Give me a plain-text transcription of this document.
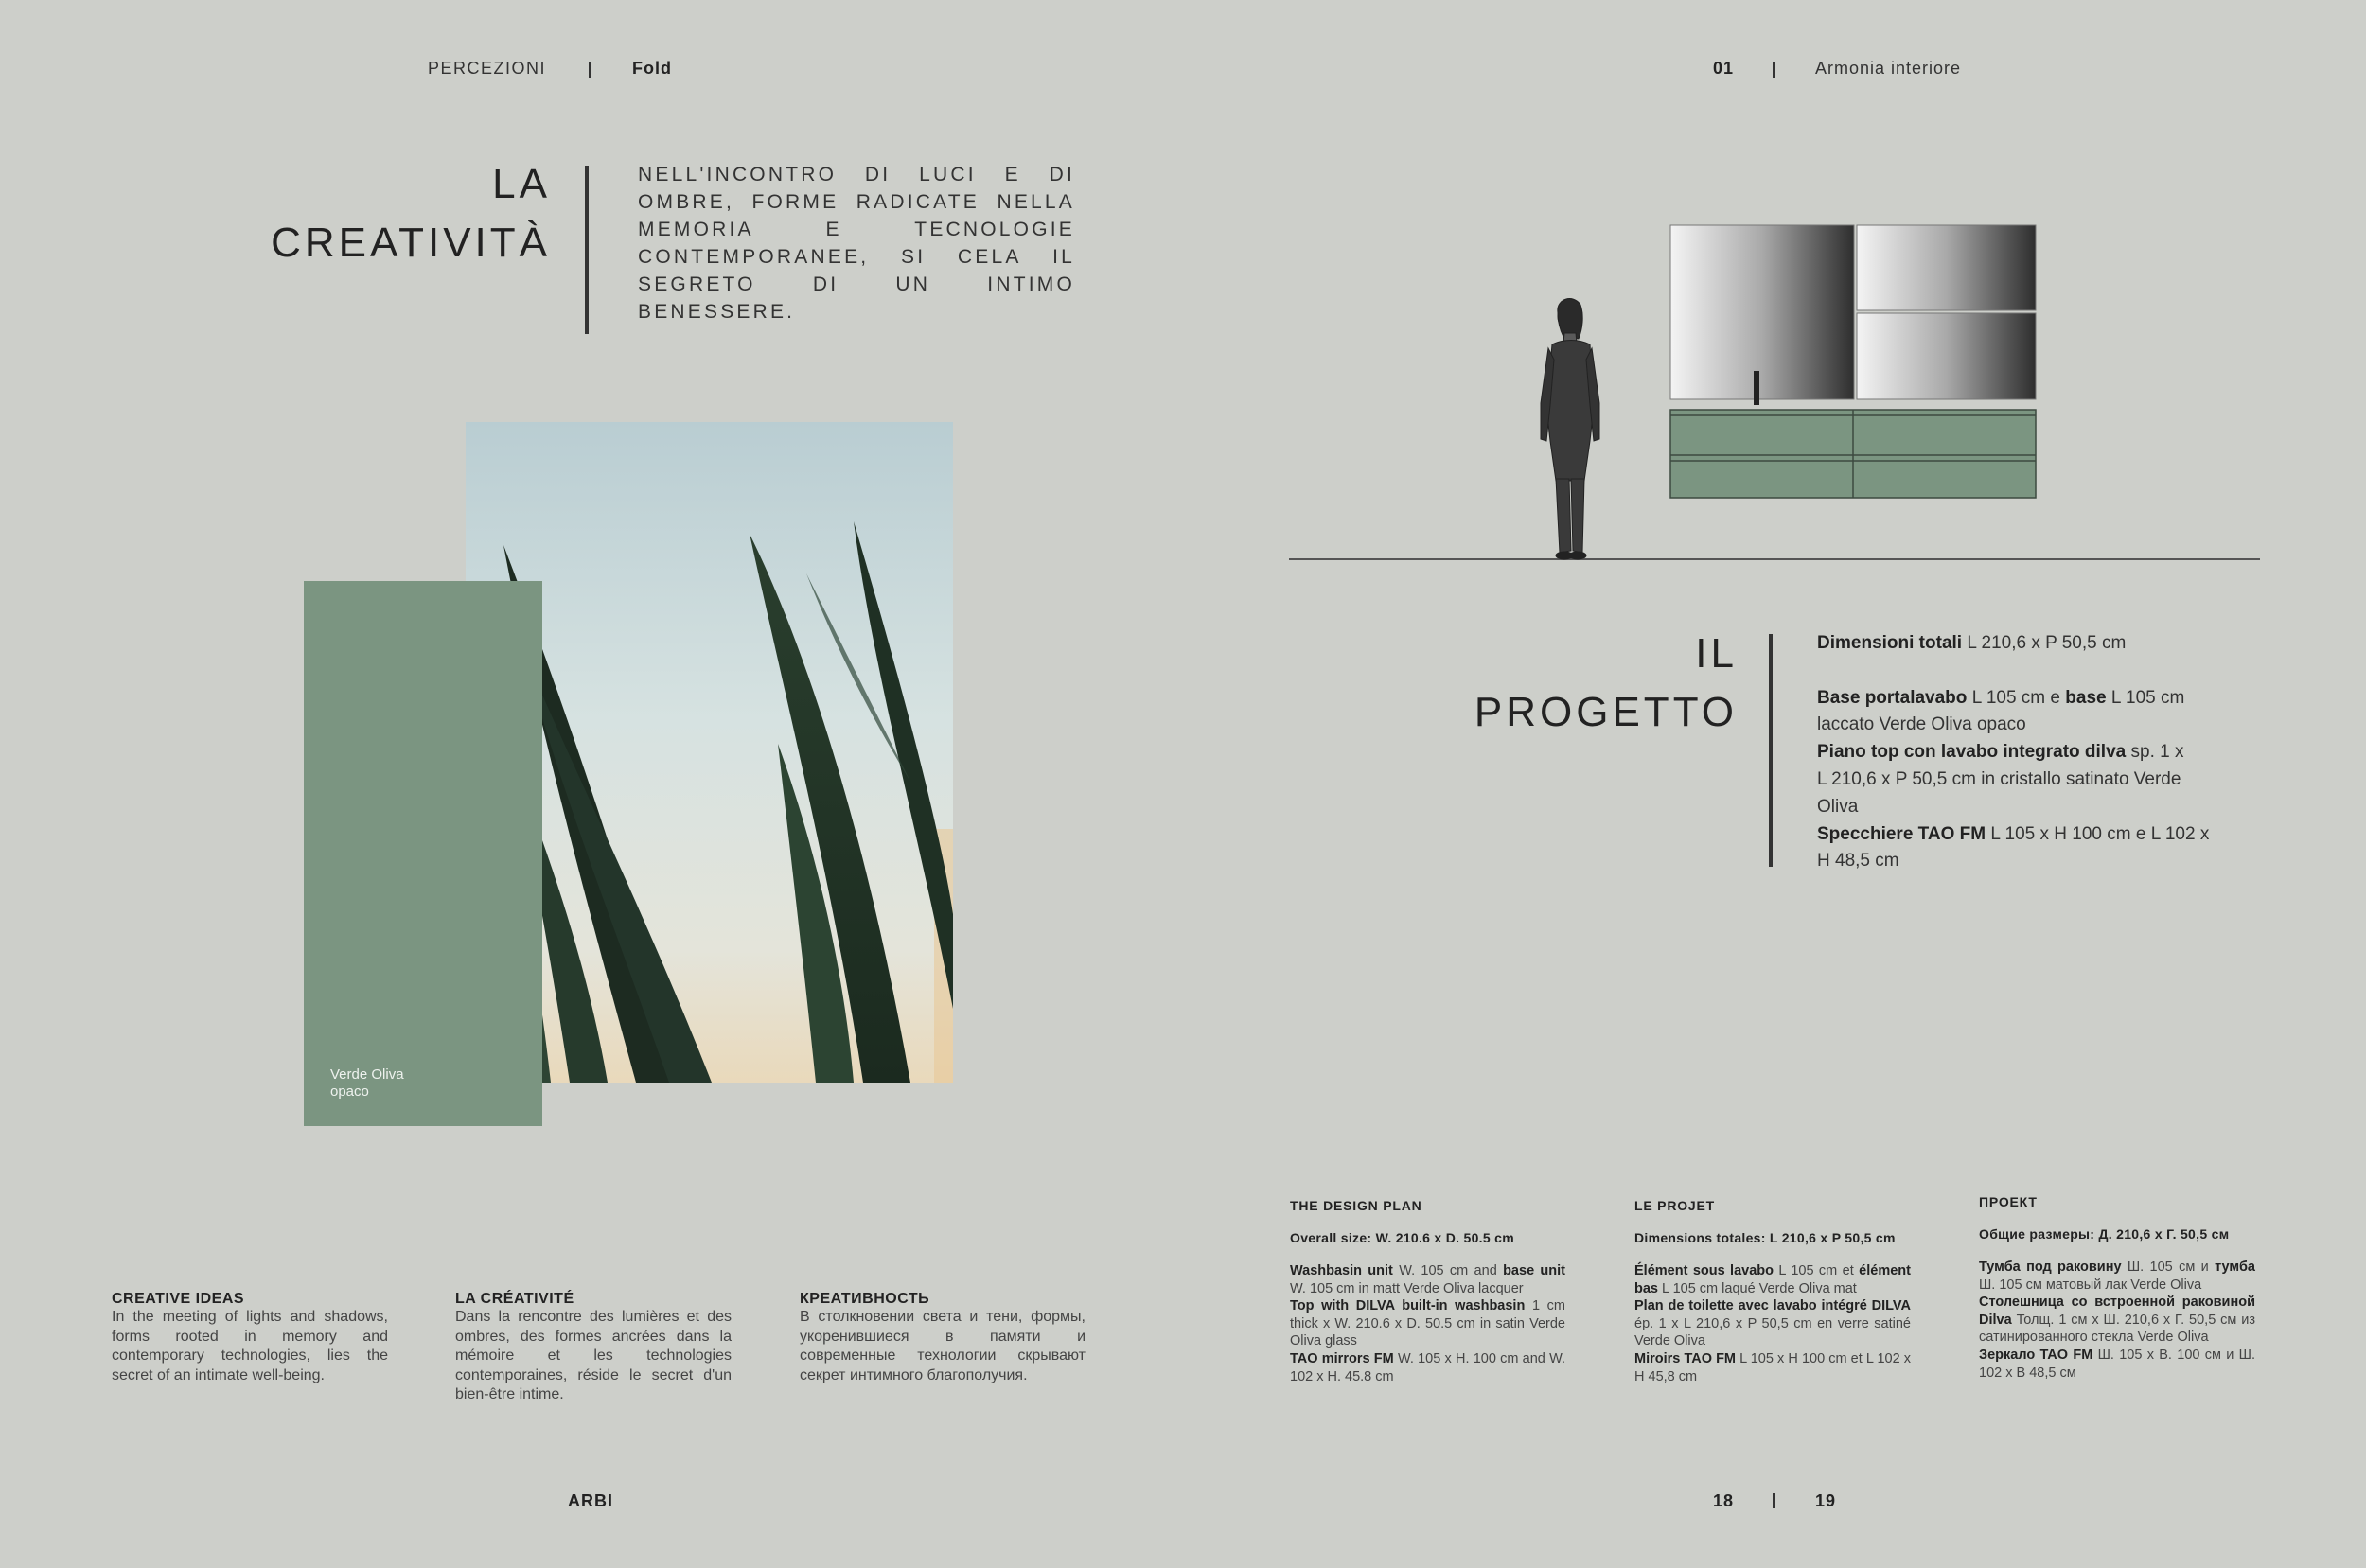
PERCEZIONI	Fold	01	Armonia interiore
LA
CREATIVITÀ
NELL'INCONTRO DI LUCI E DI OMBRE, FORME RADICATE NELLA MEMORIA E TECNOLOGIE CONTEMPORANEE, SI CELA IL SEGRETO DI UN INTIMO BENESSERE.
Verde Oliva
opaco
CREATIVE IDEAS
In the meeting of lights and shadows, forms rooted in memory and contemporary technologies, lies the secret of an intimate well-being.
LA CRÉATIVITÉ
Dans la rencontre des lumières et des ombres, des formes ancrées dans la mémoire et les technologies contemporaines, réside le secret d'un bien-être intime.
КРЕАТИВНОСТЬ
В столкновении света и тени, формы, укоренившиеся в памяти и современные технологии скрывают секрет интимного благополучия.
ARBI
IL
PROGETTO
Dimensioni totali L 210,6 x P 50,5 cm
Base portalavabo L 105 cm e base L 105 cm
laccato Verde Oliva opaco
Piano top con lavabo integrato dilva sp. 1 x
L 210,6 x P 50,5 cm in cristallo satinato Verde
Oliva
Specchiere TAO FM L 105 x H 100 cm e L 102 x
H 48,5 cm
THE DESIGN PLAN
Overall size: W. 210.6 x D. 50.5 cm
Washbasin unit W. 105 cm and base unit W. 105 cm in matt Verde Oliva lacquer
Top with DILVA built-in washbasin 1 cm thick x W. 210.6 x D. 50.5 cm in satin Verde Oliva glass
TAO mirrors FM W. 105 x H. 100 cm and W. 102 x H. 45.8 cm
LE PROJET
Dimensions totales: L 210,6 x P 50,5 cm
Élément sous lavabo L 105 cm et élément bas L 105 cm laqué Verde Oliva mat
Plan de toilette avec lavabo intégré DILVA ép. 1 x L 210,6 x P 50,5 cm en verre satiné Verde Oliva
Miroirs TAO FM L 105 x H 100 cm et L 102 x H 45,8 cm
ПРОЕКТ
Общие размеры: Д. 210,6 x Г. 50,5 см
Тумба под раковину Ш. 105 см и тумба Ш. 105 см матовый лак Verde Oliva
Столешница со встроенной раковиной Dilva Толщ. 1 см х Ш. 210,6 х Г. 50,5 см из сатинированного стекла Verde Oliva
Зеркало TAO FM Ш. 105 х В. 100 см и Ш. 102 х В 48,5 см
18	19
